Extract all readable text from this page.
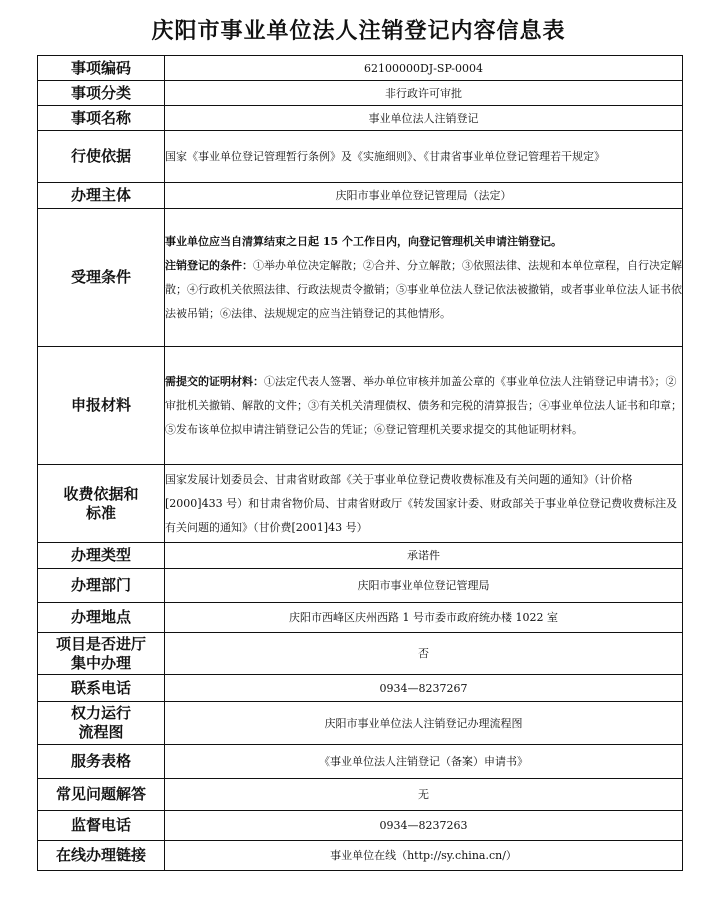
庆阳市事业单位法人注销登记内容信息表
事项编码	62100000DJ-SP-0004
事项分类	非行政许可审批
事项名称	事业单位法人注销登记
行使依据	国家《事业单位登记管理暂行条例》及《实施细则》、《甘肃省事业单位登记管理若干规定》
办理主体	庆阳市事业单位登记管理局（法定）
受理条件	事业单位应当自清算结束之日起 15 个工作日内，向登记管理机关申请注销登记。
注销登记的条件：①举办单位决定解散；②合并、分立解散；③依照法律、法规和本单位章程，自行决定解散；④行政机关依照法律、行政法规责令撤销；⑤事业单位法人登记依法被撤销，或者事业单位法人证书依法被吊销；⑥法律、法规规定的应当注销登记的其他情形。
申报材料	需提交的证明材料：①法定代表人签署、举办单位审核并加盖公章的《事业单位法人注销登记申请书》；②审批机关撤销、解散的文件；③有关机关清理债权、债务和完税的清算报告；④事业单位法人证书和印章；⑤发布该单位拟申请注销登记公告的凭证；⑥登记管理机关要求提交的其他证明材料。
收费依据和
标准	国家发展计划委员会、甘肃省财政部《关于事业单位登记费收费标准及有关问题的通知》（计价格[2000]433 号）和甘肃省物价局、甘肃省财政厅《转发国家计委、财政部关于事业单位登记费收费标注及有关问题的通知》（甘价费[2001]43 号）
办理类型	承诺件
办理部门	庆阳市事业单位登记管理局
办理地点	庆阳市西峰区庆州西路 1 号市委市政府统办楼 1022 室
项目是否进厅
集中办理	否
联系电话	0934—8237267
权力运行
流程图	庆阳市事业单位法人注销登记办理流程图
服务表格	《事业单位法人注销登记（备案）申请书》
常见问题解答	无
监督电话	0934—8237263
在线办理链接	事业单位在线（http://sy.china.cn/）
